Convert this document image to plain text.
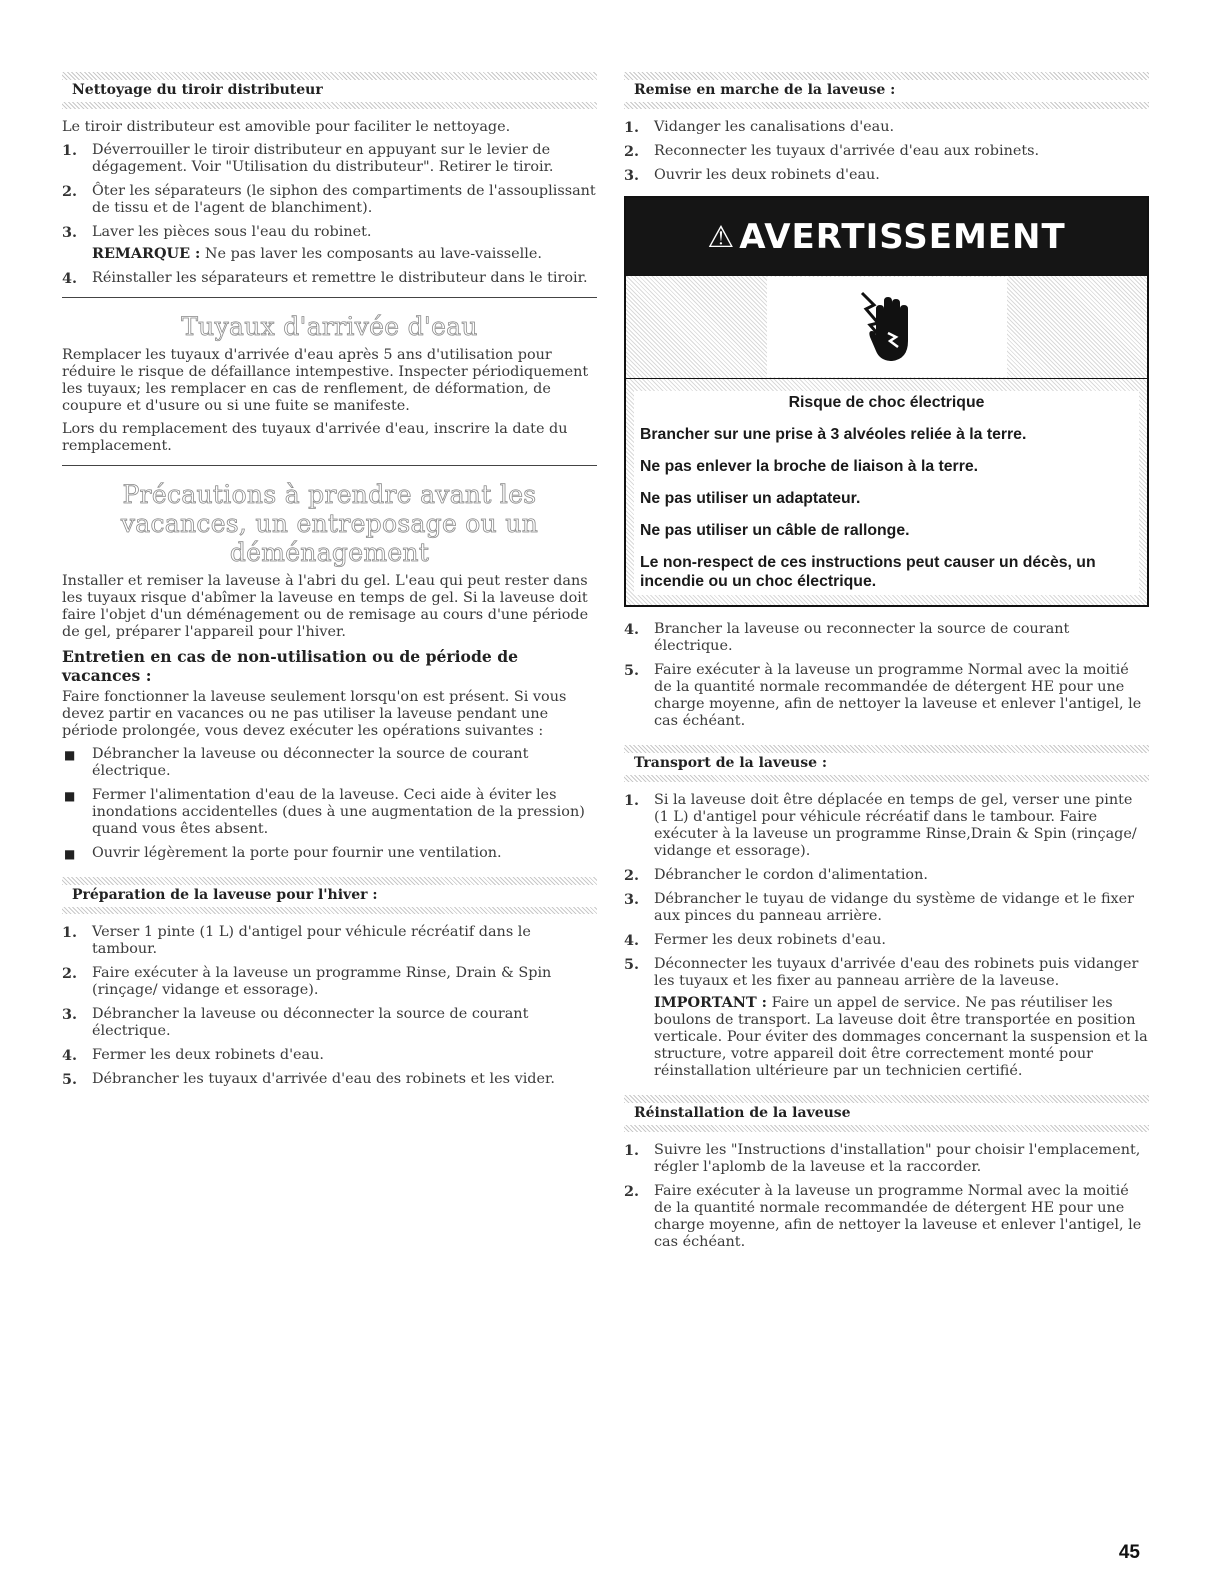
Nettoyage du tiroir distributeur

Le tiroir distributeur est amovible pour faciliter le nettoyage.

1. Déverrouiller le tiroir distributeur en appuyant sur le levier de dégagement. Voir "Utilisation du distributeur". Retirer le tiroir.
2. Ôter les séparateurs (le siphon des compartiments de l'assouplissant de tissu et de l'agent de blanchiment).
3. Laver les pièces sous l'eau du robinet.
REMARQUE : Ne pas laver les composants au lave-vaisselle.
4. Réinstaller les séparateurs et remettre le distributeur dans le tiroir.
Tuyaux d'arrivée d'eau

Remplacer les tuyaux d'arrivée d'eau après 5 ans d'utilisation pour réduire le risque de défaillance intempestive. Inspecter périodiquement les tuyaux; les remplacer en cas de renflement, de déformation, de coupure et d'usure ou si une fuite se manifeste.

Lors du remplacement des tuyaux d'arrivée d'eau, inscrire la date du remplacement.

Précautions à prendre avant les vacances, un entreposage ou un déménagement

Installer et remiser la laveuse à l'abri du gel. L'eau qui peut rester dans les tuyaux risque d'abîmer la laveuse en temps de gel. Si la laveuse doit faire l'objet d'un déménagement ou de remisage au cours d'une période de gel, préparer l'appareil pour l'hiver.

Entretien en cas de non-utilisation ou de période de vacances :

Faire fonctionner la laveuse seulement lorsqu'on est présent. Si vous devez partir en vacances ou ne pas utiliser la laveuse pendant une période prolongée, vous devez exécuter les opérations suivantes :

■ Débrancher la laveuse ou déconnecter la source de courant électrique.
■ Fermer l'alimentation d'eau de la laveuse. Ceci aide à éviter les inondations accidentelles (dues à une augmentation de la pression) quand vous êtes absent.
■ Ouvrir légèrement la porte pour fournir une ventilation.
Préparation de la laveuse pour l'hiver :
1. Verser 1 pinte (1 L) d'antigel pour véhicule récréatif dans le tambour.
2. Faire exécuter à la laveuse un programme Rinse, Drain & Spin (rinçage/ vidange et essorage).
3. Débrancher la laveuse ou déconnecter la source de courant électrique.
4. Fermer les deux robinets d'eau.
5. Débrancher les tuyaux d'arrivée d'eau des robinets et les vider.
Remise en marche de la laveuse :
1. Vidanger les canalisations d'eau.
2. Reconnecter les tuyaux d'arrivée d'eau aux robinets.
3. Ouvrir les deux robinets d'eau.
⚠ AVERTISSEMENT

Risque de choc électrique

Brancher sur une prise à 3 alvéoles reliée à la terre.

Ne pas enlever la broche de liaison à la terre.

Ne pas utiliser un adaptateur.

Ne pas utiliser un câble de rallonge.

Le non-respect de ces instructions peut causer un décès, un incendie ou un choc électrique.

4. Brancher la laveuse ou reconnecter la source de courant électrique.
5. Faire exécuter à la laveuse un programme Normal avec la moitié de la quantité normale recommandée de détergent HE pour une charge moyenne, afin de nettoyer la laveuse et enlever l'antigel, le cas échéant.
Transport de la laveuse :
1. Si la laveuse doit être déplacée en temps de gel, verser une pinte (1 L) d'antigel pour véhicule récréatif dans le tambour. Faire exécuter à la laveuse un programme Rinse,Drain & Spin (rinçage/ vidange et essorage).
2. Débrancher le cordon d'alimentation.
3. Débrancher le tuyau de vidange du système de vidange et le fixer aux pinces du panneau arrière.
4. Fermer les deux robinets d'eau.
5. Déconnecter les tuyaux d'arrivée d'eau des robinets puis vidanger les tuyaux et les fixer au panneau arrière de la laveuse.
IMPORTANT : Faire un appel de service. Ne pas réutiliser les boulons de transport. La laveuse doit être transportée en position verticale. Pour éviter des dommages concernant la suspension et la structure, votre appareil doit être correctement monté pour réinstallation ultérieure par un technicien certifié.
Réinstallation de la laveuse
1. Suivre les "Instructions d'installation" pour choisir l'emplacement, régler l'aplomb de la laveuse et la raccorder.
2. Faire exécuter à la laveuse un programme Normal avec la moitié de la quantité normale recommandée de détergent HE pour une charge moyenne, afin de nettoyer la laveuse et enlever l'antigel, le cas échéant.
45
